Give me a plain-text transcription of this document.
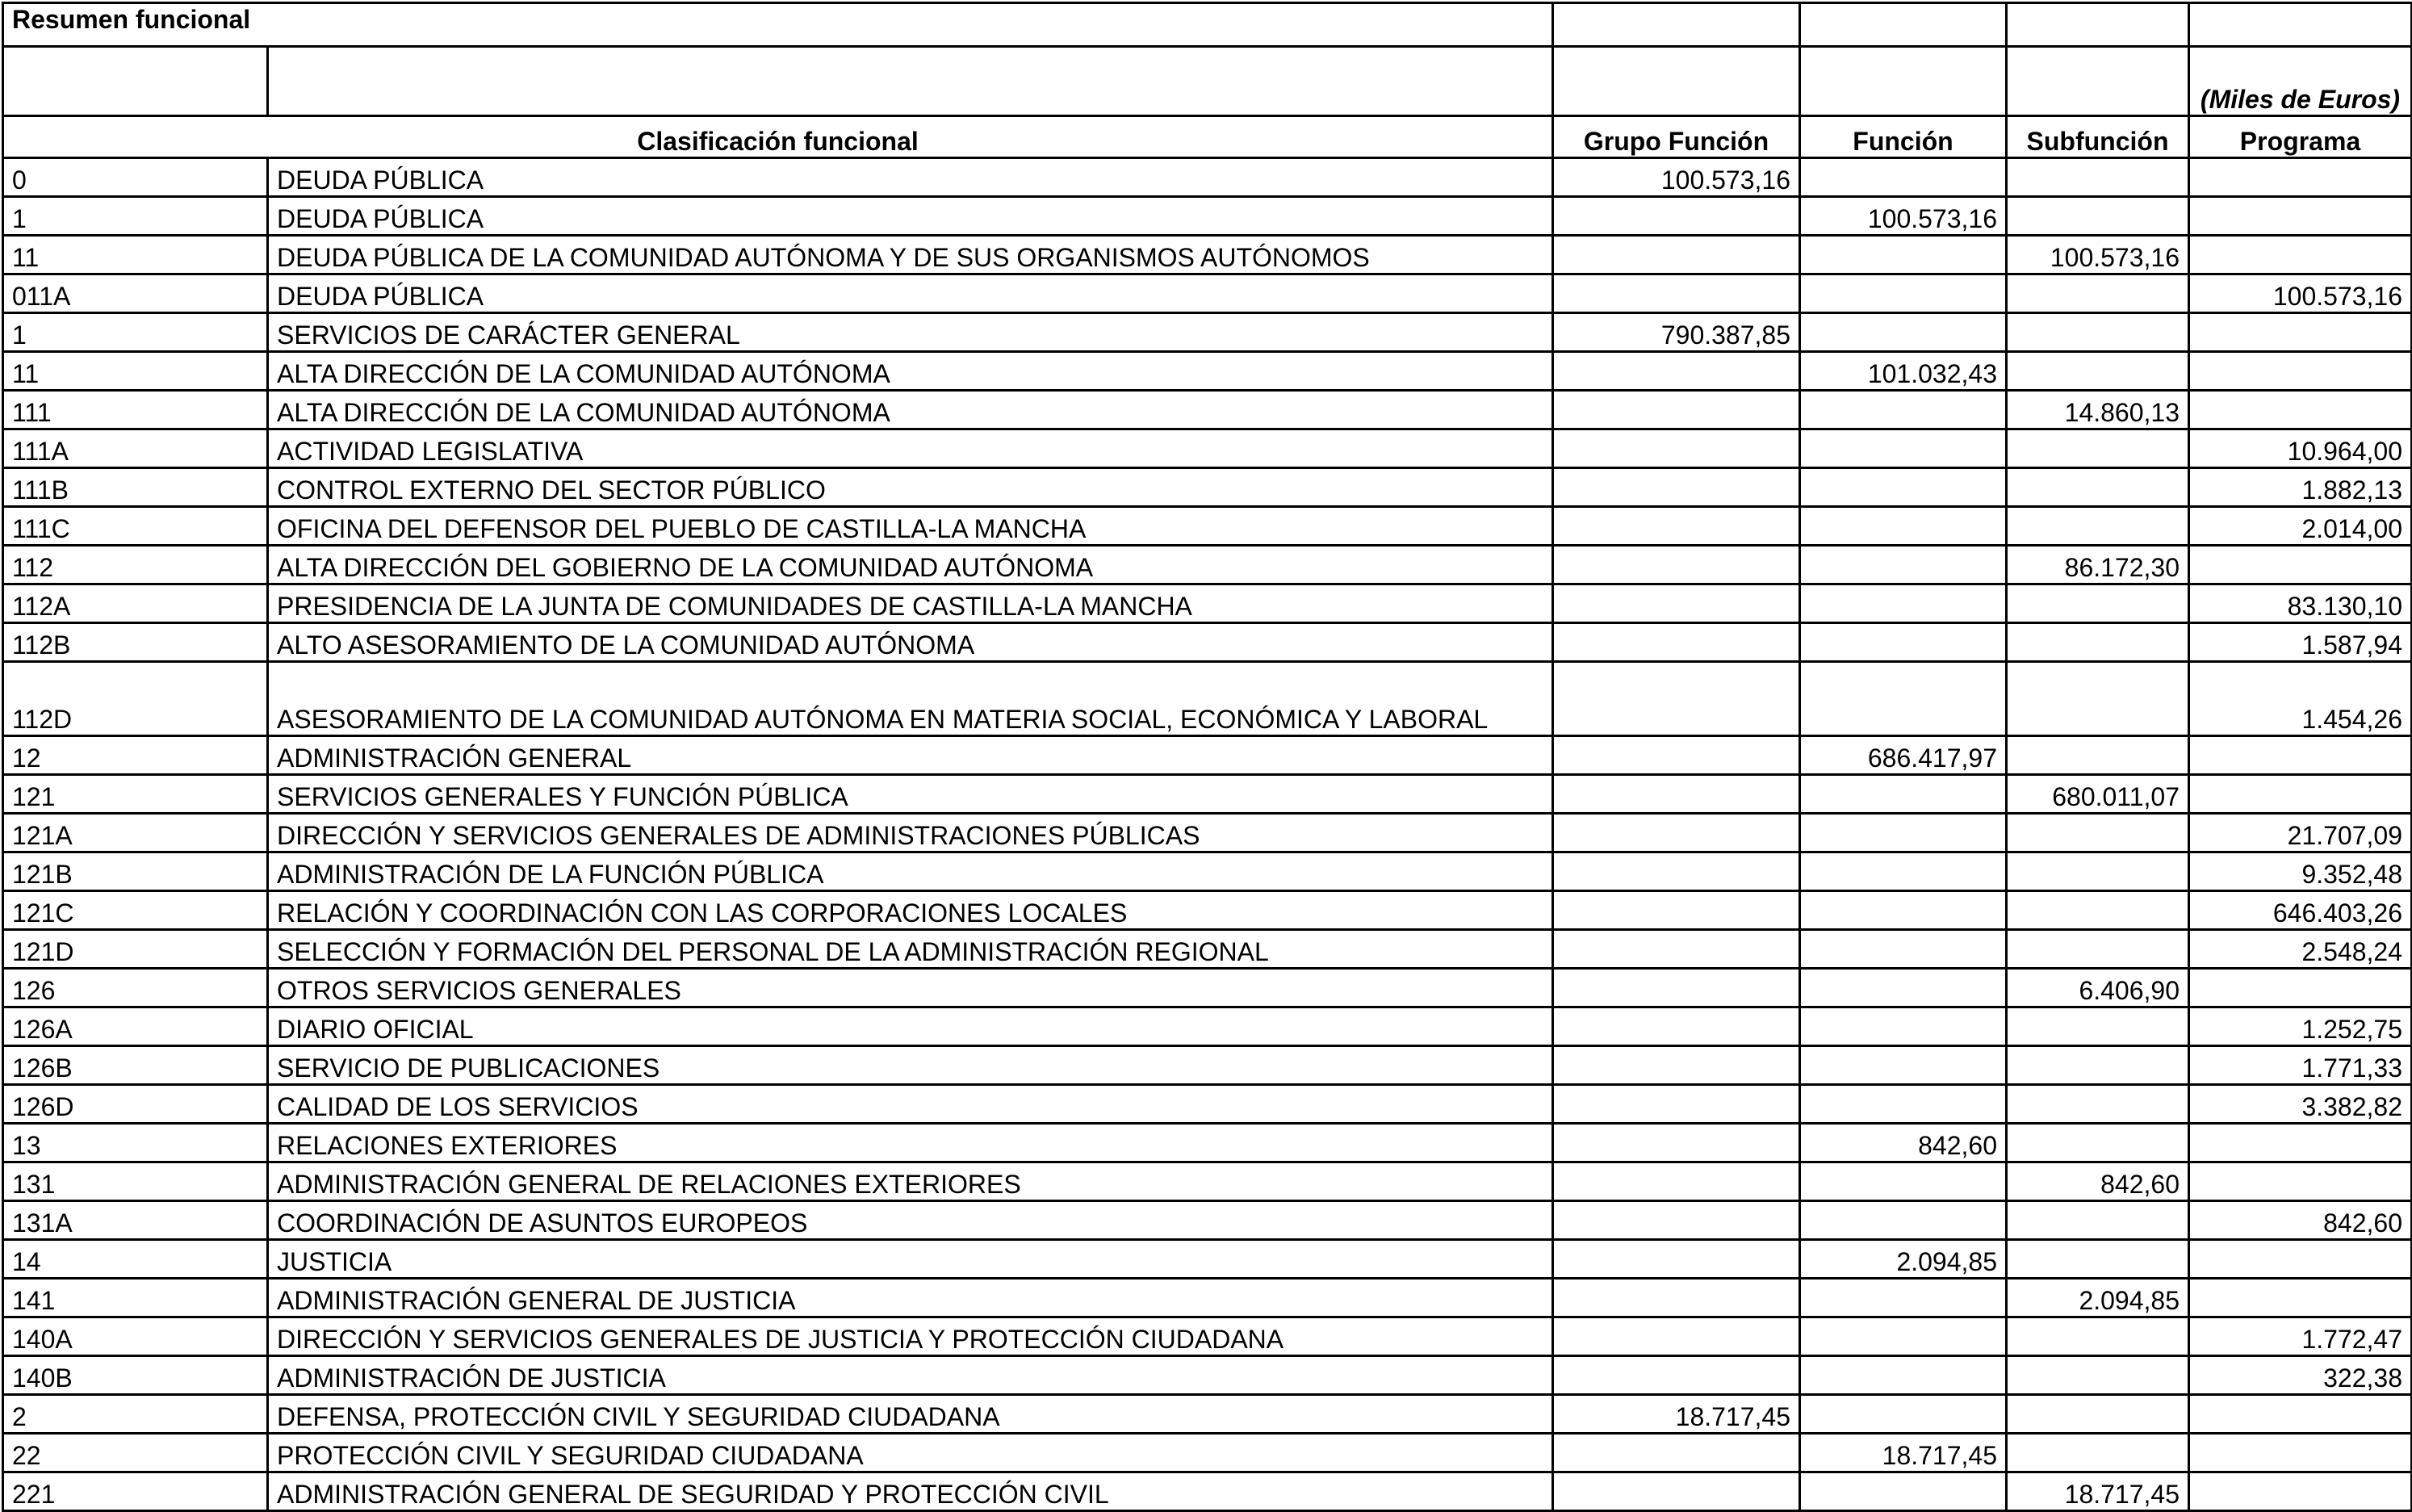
Resumen funcional					
					(Miles de Euros)
Clasificación funcional		Grupo Función	Función	Subfunción	Programa
0	DEUDA PÚBLICA	100.573,16			
1	DEUDA PÚBLICA		100.573,16		
11	DEUDA PÚBLICA DE LA COMUNIDAD AUTÓNOMA Y DE SUS ORGANISMOS AUTÓNOMOS			100.573,16	
011A	DEUDA PÚBLICA				100.573,16
1	SERVICIOS DE CARÁCTER GENERAL	790.387,85			
11	ALTA DIRECCIÓN DE LA COMUNIDAD AUTÓNOMA		101.032,43		
111	ALTA DIRECCIÓN DE LA COMUNIDAD AUTÓNOMA			14.860,13	
111A	ACTIVIDAD LEGISLATIVA				10.964,00
111B	CONTROL EXTERNO DEL SECTOR PÚBLICO				1.882,13
111C	OFICINA DEL DEFENSOR DEL PUEBLO DE CASTILLA-LA MANCHA				2.014,00
112	ALTA DIRECCIÓN DEL GOBIERNO DE LA COMUNIDAD AUTÓNOMA			86.172,30	
112A	PRESIDENCIA DE LA JUNTA DE COMUNIDADES DE CASTILLA-LA MANCHA				83.130,10
112B	ALTO ASESORAMIENTO DE LA COMUNIDAD AUTÓNOMA				1.587,94
112D	ASESORAMIENTO DE LA COMUNIDAD AUTÓNOMA EN MATERIA SOCIAL, ECONÓMICA Y LABORAL				1.454,26
12	ADMINISTRACIÓN GENERAL		686.417,97		
121	SERVICIOS GENERALES Y FUNCIÓN PÚBLICA			680.011,07	
121A	DIRECCIÓN Y SERVICIOS GENERALES DE ADMINISTRACIONES PÚBLICAS				21.707,09
121B	ADMINISTRACIÓN DE LA FUNCIÓN PÚBLICA				9.352,48
121C	RELACIÓN Y COORDINACIÓN CON LAS CORPORACIONES LOCALES				646.403,26
121D	SELECCIÓN Y FORMACIÓN DEL PERSONAL DE LA ADMINISTRACIÓN REGIONAL				2.548,24
126	OTROS SERVICIOS GENERALES			6.406,90	
126A	DIARIO OFICIAL				1.252,75
126B	SERVICIO DE PUBLICACIONES				1.771,33
126D	CALIDAD DE LOS SERVICIOS				3.382,82
13	RELACIONES EXTERIORES		842,60		
131	ADMINISTRACIÓN GENERAL DE RELACIONES EXTERIORES			842,60	
131A	COORDINACIÓN DE ASUNTOS EUROPEOS				842,60
14	JUSTICIA		2.094,85		
141	ADMINISTRACIÓN GENERAL DE JUSTICIA			2.094,85	
140A	DIRECCIÓN Y SERVICIOS GENERALES DE JUSTICIA Y PROTECCIÓN CIUDADANA				1.772,47
140B	ADMINISTRACIÓN DE JUSTICIA				322,38
2	DEFENSA, PROTECCIÓN CIVIL Y SEGURIDAD CIUDADANA	18.717,45			
22	PROTECCIÓN CIVIL Y SEGURIDAD CIUDADANA		18.717,45		
221	ADMINISTRACIÓN GENERAL DE SEGURIDAD Y PROTECCIÓN CIVIL			18.717,45	
